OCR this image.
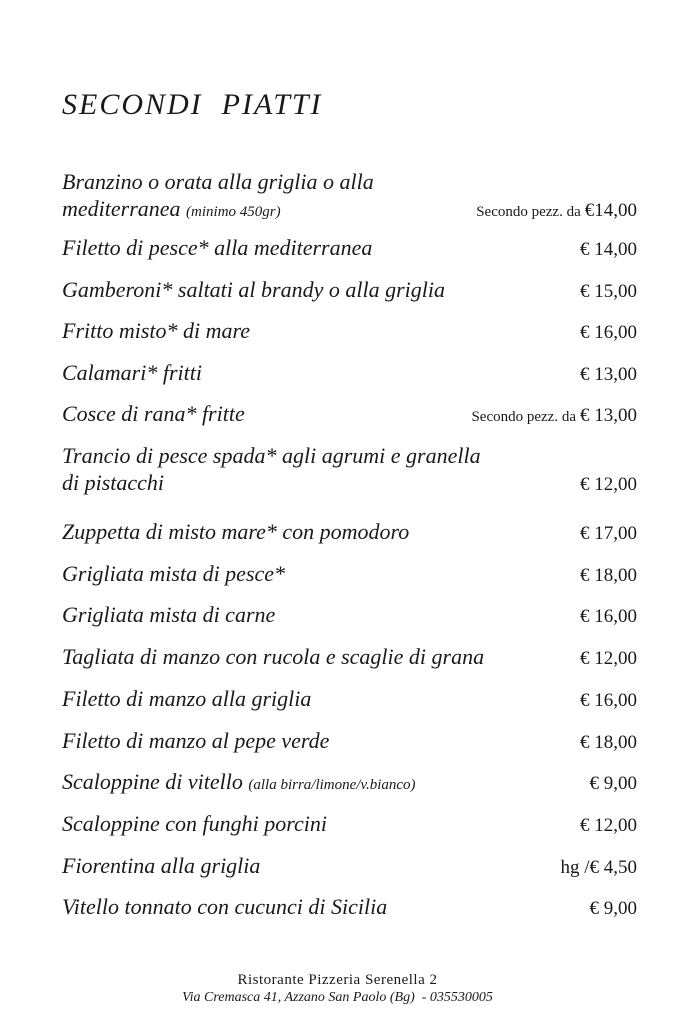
SECONDI  PIATTI
Branzino o orata alla griglia o alla
mediterranea (minimo 450gr)	Secondo pezz. da €14,00
Filetto di pesce* alla mediterranea	€ 14,00
Gamberoni* saltati al brandy o alla griglia	€ 15,00
Fritto misto* di mare	€ 16,00
Calamari* fritti	€ 13,00
Cosce di rana* fritte	Secondo pezz. da € 13,00
Trancio di pesce spada* agli agrumi e granella
di pistacchi	€ 12,00
Zuppetta di misto mare* con pomodoro	€ 17,00
Grigliata mista di pesce*	€ 18,00
Grigliata mista di carne	€ 16,00
Tagliata di manzo con rucola e scaglie di grana	€ 12,00
Filetto di manzo alla griglia	€ 16,00
Filetto di manzo al pepe verde	€ 18,00
Scaloppine di vitello (alla birra/limone/v.bianco)	€ 9,00
Scaloppine con funghi porcini	€ 12,00
Fiorentina alla griglia	hg /€ 4,50
Vitello tonnato con cucunci di Sicilia	€ 9,00
Ristorante Pizzeria Serenella 2
Via Cremasca 41, Azzano San Paolo (Bg)  - 035530005
